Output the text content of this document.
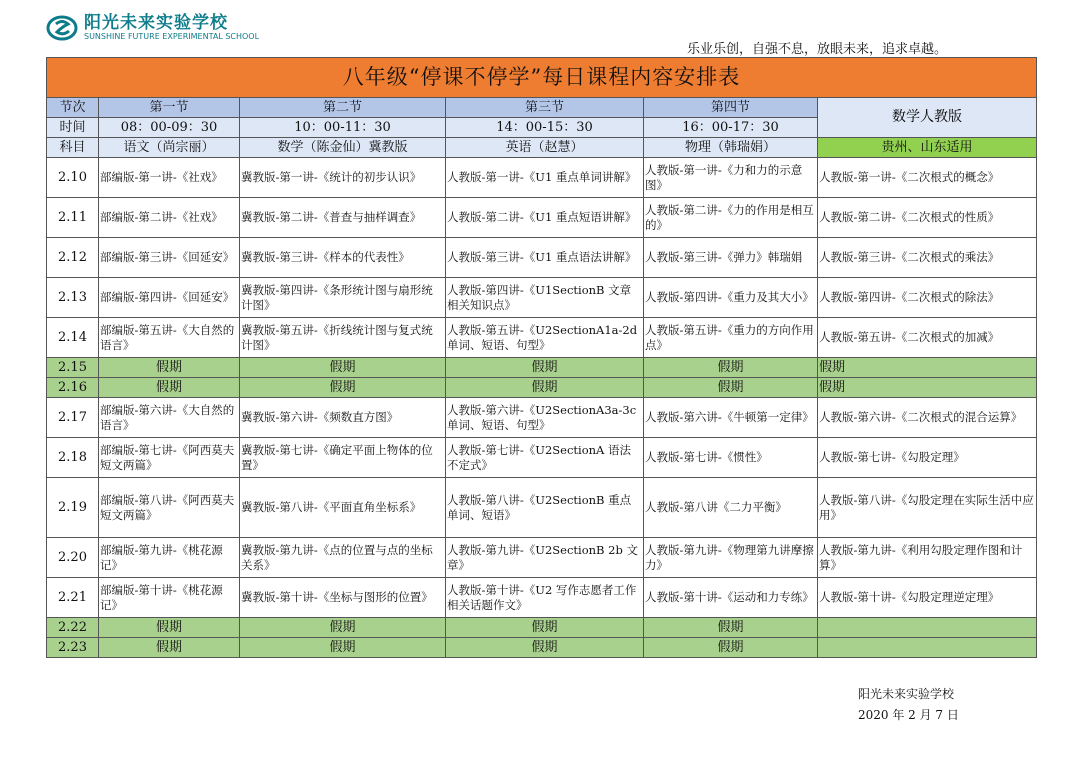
阳光未来实验学校
SUNSHINE FUTURE EXPERIMENTAL SCHOOL
乐业乐创，自强不息，放眼未来，追求卓越。
八年级“停课不停学”每日课程内容安排表					
节次	第一节	第二节	第三节	第四节	数学人教版
时间	08：00-09：30	10：00-11：30	14：00-15：30	16：00-17：30	
科目	语文（尚宗丽）	数学（陈金仙）冀教版	英语（赵慧）	物理（韩瑞娟）	贵州、山东适用
2.10	部编版-第一讲-《社戏》	冀教版-第一讲-《统计的初步认识》	人教版-第一讲-《U1 重点单词讲解》	人教版-第一讲-《力和力的示意图》	人教版-第一讲-《二次根式的概念》
2.11	部编版-第二讲-《社戏》	冀教版-第二讲-《普查与抽样调查》	人教版-第二讲-《U1 重点短语讲解》	人教版-第二讲-《力的作用是相互的》	人教版-第二讲-《二次根式的性质》
2.12	部编版-第三讲-《回延安》	冀教版-第三讲-《样本的代表性》	人教版-第三讲-《U1 重点语法讲解》	人教版-第三讲-《弹力》韩瑞娟	人教版-第三讲-《二次根式的乘法》
2.13	部编版-第四讲-《回延安》	冀教版-第四讲-《条形统计图与扇形统计图》	人教版-第四讲-《U1SectionB 文章相关知识点》	人教版-第四讲-《重力及其大小》	人教版-第四讲-《二次根式的除法》
2.14	部编版-第五讲-《大自然的语言》	冀教版-第五讲-《折线统计图与复式统计图》	人教版-第五讲-《U2SectionA1a-2d 单词、短语、句型》	人教版-第五讲-《重力的方向作用点》	人教版-第五讲-《二次根式的加减》
2.15	假期	假期	假期	假期	假期
2.16	假期	假期	假期	假期	假期
2.17	部编版-第六讲-《大自然的语言》	冀教版-第六讲-《频数直方图》	人教版-第六讲-《U2SectionA3a-3c 单词、短语、句型》	人教版-第六讲-《牛顿第一定律》	人教版-第六讲-《二次根式的混合运算》
2.18	部编版-第七讲-《阿西莫夫短文两篇》	冀教版-第七讲-《确定平面上物体的位置》	人教版-第七讲-《U2SectionA 语法不定式》	人教版-第七讲-《惯性》	人教版-第七讲-《勾股定理》
2.19	部编版-第八讲-《阿西莫夫短文两篇》	冀教版-第八讲-《平面直角坐标系》	人教版-第八讲-《U2SectionB 重点单词、短语》	人教版-第八讲《二力平衡》	人教版-第八讲-《勾股定理在实际生活中应用》
2.20	部编版-第九讲-《桃花源记》	冀教版-第九讲-《点的位置与点的坐标关系》	人教版-第九讲-《U2SectionB 2b 文章》	人教版-第九讲-《物理第九讲摩擦力》	人教版-第九讲-《利用勾股定理作图和计算》
2.21	部编版-第十讲-《桃花源记》	冀教版-第十讲-《坐标与图形的位置》	人教版-第十讲-《U2 写作志愿者工作相关话题作文》	人教版-第十讲-《运动和力专练》	人教版-第十讲-《勾股定理逆定理》
2.22	假期	假期	假期	假期	
2.23	假期	假期	假期	假期	
阳光未来实验学校
2020 年 2 月 7 日
